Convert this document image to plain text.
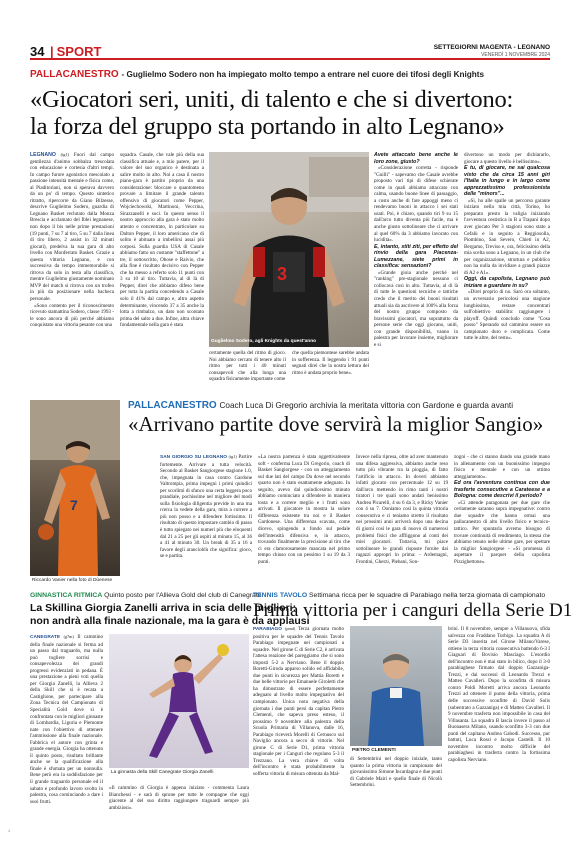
34
| SPORT	SETTEGIORNI MAGENTA - LEGNANO
VENERDÌ 1 NOVEMBRE 2024
PALLACANESTRO - Guglielmo Sodero non ha impiegato molto tempo a entrare nel cuore dei tifosi degli Knights
«Giocatori seri, uniti, di talento e che si divertono:
la forza del gruppo sta portando in alto Legnano»

LEGNANO (tg1) Fuori dal campo gentilezza d'animo sobbalza trescolata con educazione e cortesia d'altri tempi. In campo furore agonistico mescolato a passione intensità mentale e fisica come, al Piaditoriani, non si sperava davvero da un po' di tempo. Questo sintetico ritratto, ripercorre da Giano Bilzesse, descrive Guglielmo Sodero, guardia di Legnano Basket reclutato dalla Monza Brescia e acclamato del Iblei legnanese, non dopo il bis nelle prime prestazioni (19 punti, 7 su 7 al tiro, 5 su 7 dalla linea di tiro libero, 2 assist in 32 minuti giocati), predelva la sua gara di alto livello con Monferrato Basket. Grazie a questa vittoria Legnano, e con successiva da tempo immemorabile si ritrova da solo in testa alla classifica, mentre Guglielmo giustamente nominato MVP del match si ritrova con un trofeo in più da posizionare nella bacheca personale.

«Sono contento per il riconoscimento ricevuto stamattina Sodero, classe 1993 - le sono ancora di più perché abbiamo conquistato una vittoria pesante con una

squadra. Casale, che vale più della sua classifica attuale e, a mio parere, per il valore del suo organico è destinata a salire molto in alto. Noi a casa il nostro piano-gara è partito proprio da una considerazione: bloccare o quantomeno provare a limitare il grande talento offensivo di giocatori come Pepper, Wojciechowski, Martinoni, Veccrina, Sirazzanelli e soci. In questo senso il nostro approccio alla gara è stato molto attento e concentrato, in particolare su Dalton Pepper, il loro americano che di solito è abituato a imbellirsi assai più corposi. Sulla guardia USA di Casale abbiamo fatto un costante "staffettone" a tre, il sottoscritto, Obose e Raivio, che alla fine è risultato decisivo con Pepper che ha messo a referto solo 11 punti con 3 su 10 al tiro. Tuttavia, al di là di Pepper, direi che abbiamo difeso bene per tutta la partita concedendo a Casale solo il 41% dal campo e, altro aspetto determinante, vincendo 37 a 35 anche la lotta a rimbalzo, un dato non scontato prima del salto a due. Infine, altra chiave fondamentale nella gara è stata

3
Guglielmo Sodero, agli Knights da quest'anno

certamente quella del ritmo di gioco. Noi abbiamo cercato di tenere alto il ritmo per tutti i 40 minuti consapevoli che alla lunga una squadra fisicamente importante come

che quella piemontese sarebbe andata in sofferenza. Il leggendo i 91 punti segnati direi che la nostra lettura del ritmo è andata proprio bene».

Avete attaccato bene anche le loro zone, giusto?

«Considerazione corretta - risponde "Guilli" - sapevamo che Casale avrebbe proposto vari tipi di difese schierate come in quali abbiamo attaccato con calma, usando buone linee di passaggio, a costo anche di fare appoggi meno ci rendevamo buoni in attacco i sei stati usati. Poi, è chiaro, quando tiri 9 su 15 dall'arco tutto diventa più facile, ma è anche giusto sottolineare che ci arrivare al quel 60% da 3 abbiamo lavorato con lucidità».

E, intanto, stiti ziti, per effetto del rinvio della gara Piacenza-Lumezzane, siete primi in classifica: sensazioni?

«Grande gioia anche perché nel "ranking" pre-stagionale nessuno ci collocava così in alto. Tuttavia, al di là di tutte le questioni tecniche e tattiche credo che il merito dei buoni risultati attuali sia da ascrivere al 100% alla forza del nostro gruppo composto da bravissimi giocatori, ma soprattutto da persone serie che oggi giocano, uniti, con grande disponibilità, vanno in palestra per lavorare insieme, migliorare e si

divertono un modo per dichiararlo, giocare a questo livello è bellissimo».

E tu, di giocare, ne sai qualcosa visto che da circa 15 anni giri l'Italia in lungo e in largo come apprezzatissimo professionista delle "minors"...

«Sì, ho alle spalle un percorso garante iniziato nella mia città, Torino, ho preparato presto la valigia iniziando l'avventura cestistica in B a Trapani dopo aver giocato Per 3 stagioni sono stato a Cefalù e in seguito a Reggiosolla, Piombino, San Severo, Chieti in A2, Bergamo, Treviso e, ora, felicissimo della mia scelta sono a Legnano, in un club che per organizzazione, struttura e pubblico non ha nulla da invidiare a grandi piazze di A2 e A1».

Oggi, da capolista, Legnano può iniziare a guardare in su?

«Direi proprio di no. Sarò ora soltanto, un avversario pericolosi una stagione lunghissima, restare concentrati sull'obiettivo stabilito: raggiungere i playoff. Quindi concludo come "Cosa posso" Sperando sul cammino essere un campionato duro e complicata. Come tutte le altre, del resto».

PALLACANESTRO Coach Luca Di Gregorio archivia la meritata vittoria con Gardone e guarda avanti
«Arrivano partite dove servirà la miglior Sangio»
7
Riccardo Vanier nella foto di Dùenese

SAN GIORGIO SU LEGNANO (tg1) Partire fortemente. Arrivare a tutta velocità. Secondo al Basket Sangiorgese stagione 1.0, che, impegnata in casa contro Gardone Valtrompia, prima impegni i primi quindici per scorlimi di sfanco una certa leggera poco prandiale, pochissime nel migliore del modi sulla fisiologia diligentia previde in una ma rcerca la vedete della gara, mira a correre a più non posso e a difendere fortissimo. Il risultato di questo impostare cambio di passo è tutto spiegato nei numeri più che eloquenti dal 21 a 25 per gli ospiti al minuto 15, al 36 a 41 al minuto 30. Un break di 35 a 16 a favore degli arancioblù che significa: gioco, se e partita.

«La nostra partenza è stata oggettivamente soft - conferma Luca Di Gregorio, coach di Basket Sangiorgese - con un atteggiamento sul due lati del campo Da dove nel secondo quarto non è stato esattamente adeguato. In seguito, avevo dal quindicesimo minuto abbiamo cominciato a difendere in maniera tosta e a correre meglio e i frutti sono arrivati. Il giocatore in mostra la solare differenza esistente tra noi e il Basket Gardonese. Una differenza scavata, come dicevo, spingendo a fondo sul pedale dell'intensità difensiva e, in attacco, trovando finalmente la precisione al tiro che ci era clamorosamente mancata nel primo tempo chiuso con un pessimo 1 su 19 da 3 punti.

Invece nella ripresa, oltre ad aver mantenuto una difesa aggressiva, abbiamo anche reso tutto più vibrante tra la pioggia, di fatto l'artificio in attacco. In doveri abbiamo infatti giocato con percentuale 12 su 19 dall'arco mettendo in rimo tanti i nostri tiratori i tre quali sono andati benissimo Andrea Picarelli, 4 su 6 da 3, e Ricky Vanier con 4 su 7. Ooniamo così la quinta vittoria consecutiva e ci teniamo stretto il risultato nei prossimi anni arriverà dopo una decina di giorni così le gara di nuovo di numerosi problemi fisici che affliggono al conti dei miei giocatori. Tuttavia, mi piace sottolineare le grandi risposte fornite dai ragazzi appropri in prima: - Ardemagni, Frontini, Gherzi, Plebani, Son-

zogni - che ci stanno dando una grande mano in allenamento con un buonissimo impegno fisico e mentale e con un ottimo atteggiamento».

Ed ora l'avventura continua con due trasferte consecutive a Carateese e a Bologna: come descrivi il periodo?

«Ci attende paragonata per due gare che cerlamente saranno sopra impegnative: contro due squadre che hanno ormai una pallacanestro di alto livello fisico e tecnico-tattico. Per spuntarla avremo bisogno di trovare continuità di rendimento, la stessa che abbiamo tenuto nelle ultime gare, per spettare la miglior Sangiorgese - «Si promessa di aspettare il parquet della capolista Pizzighettone».

GINNASTICA RITMICA Quinto posto per l'Allieva Gold del club di Canegrate
La Skillina Giorgia Zanelli arriva in scia delle migliori:
non andrà alla finale nazionale, ma la gara è da applausi

CANEGRATE (g7m) Il cammino della finale nazionale si ferma ad un passo dal traguardo, ma nulla può togliere sorrisi e consapevolezza dei grandi progressi evidenziati in pedana. È una prestazione a pieni voti quella per Giorgia Zanelli, la Allieva 2 della Skill che si è recata a Castiglione, per partecipare alla Zona Tecnica del Campionato di Specialità Gold dove si è confrontata con le migliori ginnaste di Lombardia, Liguria e Piemonte nate con l'obiettivo di ottenere l'ammissione alla finale nazionale. Fabbrica el autore con grinta e grande energia. Giorgia ha ottenuto il quinto posto, risultato brillante anche se la qualificazione alla finale è sfumata per un nonnulla. Bene però era la soddisfazione per il grande traguardo personale ed il sabato e profondo lavoro svolto in palestra, cosa cominciando a dare i suoi frutti.

La ginnasta della Skill Canegrate Giorgia Zanelli

«Il cammino di Giorgia è appena iniziato - commenta Laura Bianchessi - e sarà di sprone per tutte le compagne che oggi giacente al del suo diritto raggiungere traguardi sempre più ambiziosi».

TENNIS TAVOLO Settimana ricca per le squadre di Parabiago nella terza giornata di campionato
Prima vittoria per i canguri della Serie D1

PARABIAGO (pmd) Terza giornata molto positiva per le squadre del Tennis Tavolo Parabiago impegnate nei campionati a squadre. Nel girone C di Serie C2, è arrivata l'attesa reazione del pareggiamo che si sono imposti 5-2 a Nerviano. Bene il doppio Boretti-Giroda apparso solido ed affidabile, due punti in sicurezza per Mattia Boretti e due belle vittorie per Emanuele Giroletti che ha dimostrato di essere perfettamente adeguato al livello molto impegnativo del campionato. Unica nota negativa della giornata i due punti persi da capitan Pietro Clementi, che sapeva preso esteso, il prossimo 9 novembre alla palestra della Scuola Primaria di Villanova, dalle 16, Parabiago riceverà Morelli di Cernusco sul Naviglio ancora a secco di vittorie. Nel girone C di Serie D1, prima vittoria stagionale per i Canguri che regolano 5-3 il Trezzano. La vera chiave di volta dell'incontro è stata probabilmente la sofferta vittoria di misura ottenuta da Mal-

PIETRO CLEMENTI

di Settembrini nel doppio iniziale, tanto quanto la prima vittoria in campionato del giovanissimo Simone Incardagna e due punti di Gabriele Mairi e quello finale di Nicolò Settembrini.

brini. Il 8 novembre, sempre a Villanuova, sfida salvezza con Fraddano Turbigo. La squadra A di Serie D3 inserita nel Girone Milano/Varese, ottiene la terza vittoria consecutiva battendo 6-3 I Giaguari di Bovisio Masciago. L'esordio dell'incontro non è mai stato in bilico, dopo il 3-0 parabiaghese firmato dal doppio Gazzaniga-Trezzi, e dai successi di Leonardo Trezzi e Matteo Cavalleri. Dopo la sconfitta di misura contro Poldi Moretti arriva ancora Leonardo Trezzi ad ottenere il punto della vittoria, prima delle successive sconfitte di David Solis (subentrato a Gazzaniga) e di Matteo Cavalleri. Il 9 novembre trasferta non impossibile in casa del Villasanta. La squadra B lascia invece il passo al Buonasera Milano, usando sconfitto 3-3 con due punti del capitano Andrea Gabodi. Successo, pur battuti, Luca Rossi e Jacopo Castelli. Il 10 novembre incontro molto difficile del parabiaghesi in trasferta contro la fortissima capolista Nerviano.

4
